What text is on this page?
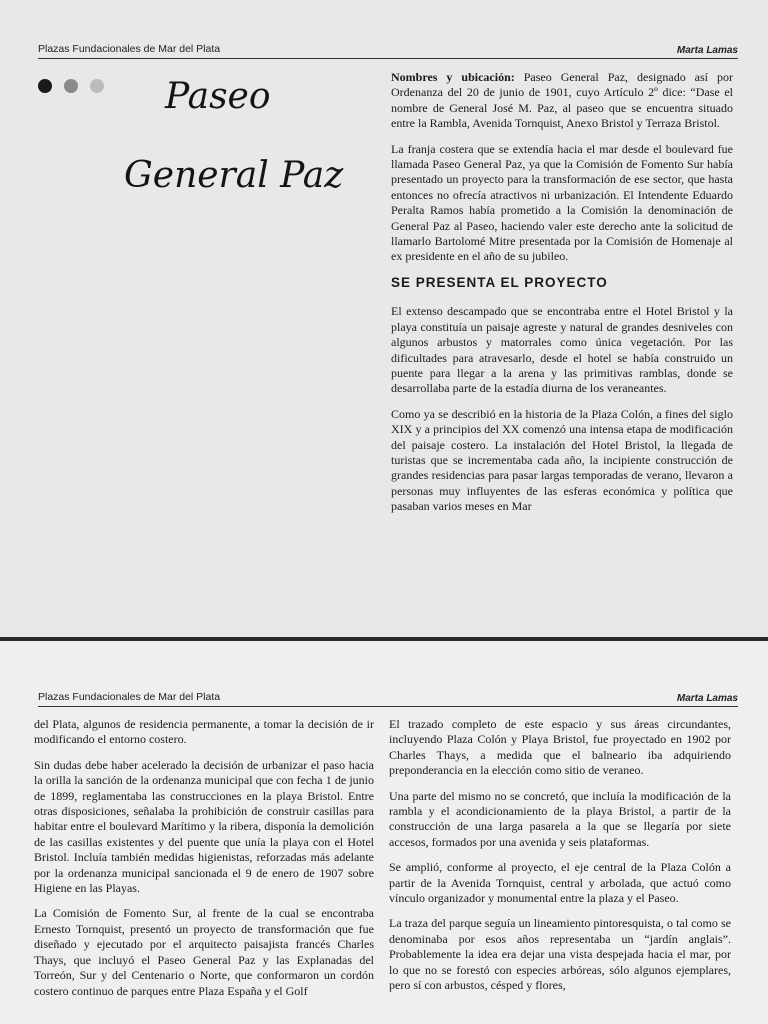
Plazas Fundacionales de Mar del Plata	Marta Lamas

Paseo
General Paz

Nombres y ubicación: Paseo General Paz, designado así por Ordenanza del 20 de junio de 1901, cuyo Artículo 2º dice: “Dase el nombre de General José M. Paz, al paseo que se encuentra situado entre la Rambla, Avenida Tornquist, Anexo Bristol y Terraza Bristol.

La franja costera que se extendía hacia el mar desde el boulevard fue llamada Paseo General Paz, ya que la Comisión de Fomento Sur había presentado un proyecto para la transformación de ese sector, que hasta entonces no ofrecía atractivos ni urbanización. El Intendente Eduardo Peralta Ramos había prometido a la Comisión la denominación de General Paz al Paseo, haciendo valer este derecho ante la solicitud de llamarlo Bartolomé Mitre presentada por la Comisión de Homenaje al ex presidente en el año de su jubileo.

SE PRESENTA EL PROYECTO

El extenso descampado que se encontraba entre el Hotel Bristol y la playa constituía un paisaje agreste y natural de grandes desniveles con algunos arbustos y matorrales como única vegetación. Por las dificultades para atravesarlo, desde el hotel se había construido un puente para llegar a la arena y las primitivas ramblas, donde se desarrollaba parte de la estadía diurna de los veraneantes.

Como ya se describió en la historia de la Plaza Colón, a fines del siglo XIX y a principios del XX comenzó una intensa etapa de modificación del paisaje costero. La instalación del Hotel Bristol, la llegada de turistas que se incrementaba cada año, la incipiente construcción de grandes residencias para pasar largas temporadas de verano, llevaron a personas muy influyentes de las esferas económica y política que pasaban varios meses en Mar

Plazas Fundacionales de Mar del Plata	Marta Lamas

del Plata, algunos de residencia permanente, a tomar la decisión de ir modificando el entorno costero.

Sin dudas debe haber acelerado la decisión de urbanizar el paso hacia la orilla la sanción de la ordenanza municipal que con fecha 1 de junio de 1899, reglamentaba las construcciones en la playa Bristol. Entre otras disposiciones, señalaba la prohibición de construir casillas para habitar entre el boulevard Marítimo y la ribera, disponía la demolición de las casillas existentes y del puente que unía la playa con el Hotel Bristol. Incluía también medidas higienistas, reforzadas más adelante por la ordenanza municipal sancionada el 9 de enero de 1907 sobre Higiene en las Playas.

La Comisión de Fomento Sur, al frente de la cual se encontraba Ernesto Tornquist, presentó un proyecto de transformación que fue diseñado y ejecutado por el arquitecto paisajista francés Charles Thays, que incluyó el Paseo General Paz y las Explanadas del Torreón, Sur y del Centenario o Norte, que conformaron un cordón costero continuo de parques entre Plaza España y el Golf

El trazado completo de este espacio y sus áreas circundantes, incluyendo Plaza Colón y Playa Bristol, fue proyectado en 1902 por Charles Thays, a medida que el balneario iba adquiriendo preponderancia en la elección como sitio de veraneo.

Una parte del mismo no se concretó, que incluía la modificación de la rambla y el acondicionamiento de la playa Bristol, a partir de la construcción de una larga pasarela a la que se llegaría por siete accesos, formados por una avenida y seis plataformas.

Se amplió, conforme al proyecto, el eje central de la Plaza Colón a partir de la Avenida Tornquist, central y arbolada, que actuó como vínculo organizador y monumental entre la plaza y el Paseo.

La traza del parque seguía un lineamiento pintoresquista, o tal como se denominaba por esos años representaba un “jardín anglais”. Probablemente la idea era dejar una vista despejada hacia el mar, por lo que no se forestó con especies arbóreas, sólo algunos ejemplares, pero sí con arbustos, césped y flores,
